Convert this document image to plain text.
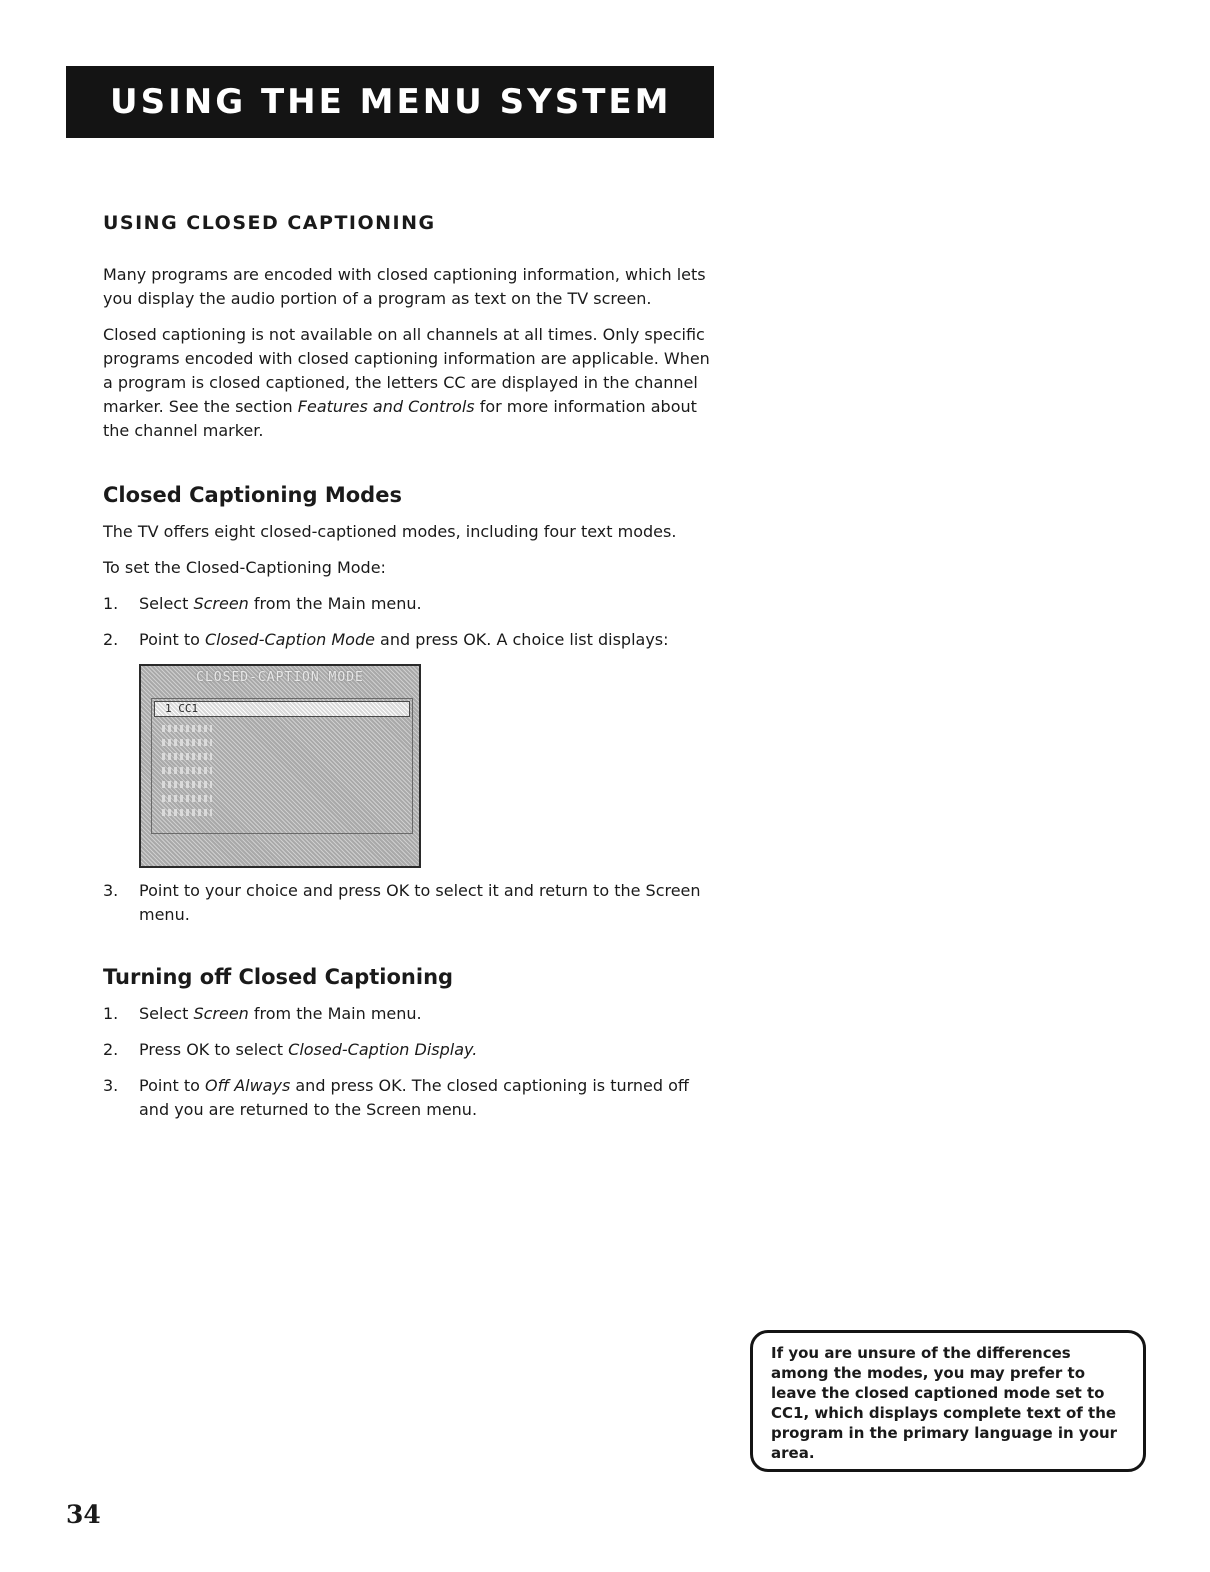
USING THE MENU SYSTEM
USING CLOSED CAPTIONING

Many programs are encoded with closed captioning information, which lets you display the audio portion of a program as text on the TV screen.

Closed captioning is not available on all channels at all times. Only specific programs encoded with closed captioning information are applicable. When a program is closed captioned, the letters CC are displayed in the channel marker. See the section Features and Controls for more information about the channel marker.

Closed Captioning Modes

The TV offers eight closed-captioned modes, including four text modes.

To set the Closed-Captioning Mode:

1.	Select Screen from the Main menu.
2.	Point to Closed-Caption Mode and press OK. A choice list displays:
CLOSED-CAPTION MODE
1 CC1
3.	Point to your choice and press OK to select it and return to the Screen menu.
Turning off Closed Captioning
1.	Select Screen from the Main menu.
2.	Press OK to select Closed-Caption Display.
3.	Point to Off Always and press OK. The closed captioning is turned off and you are returned to the Screen menu.

If you are unsure of the differences among the modes, you may prefer to leave the closed captioned mode set to CC1, which displays complete text of the program in the primary language in your area.

34
